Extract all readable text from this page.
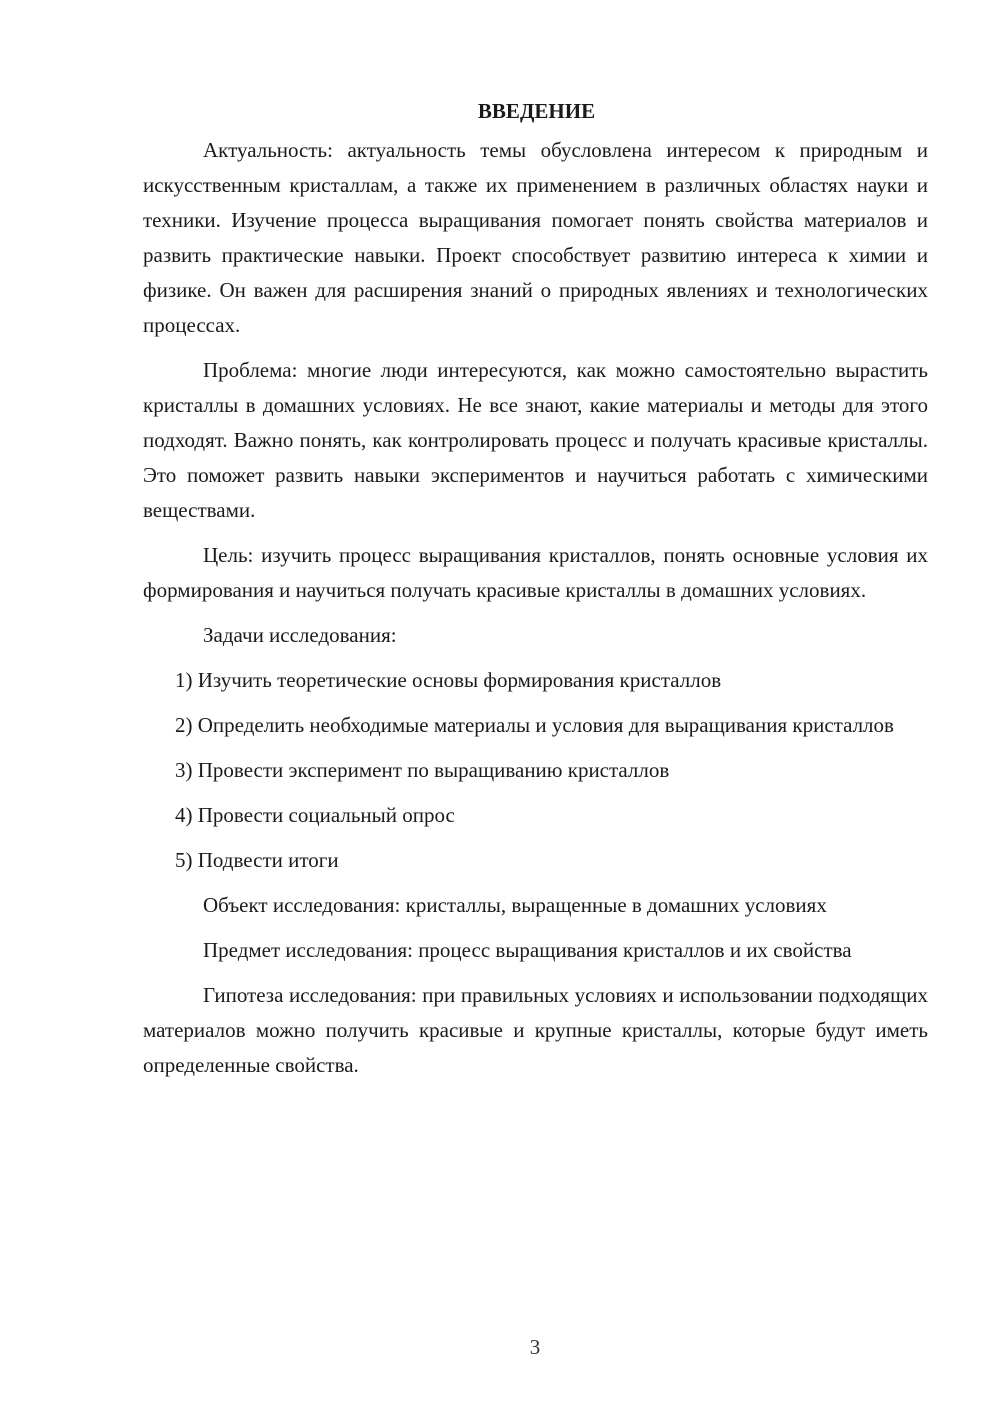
ВВЕДЕНИЕ

Актуальность: актуальность темы обусловлена интересом к природным и искусственным кристаллам, а также их применением в различных областях науки и техники. Изучение процесса выращивания помогает понять свойства материалов и развить практические навыки. Проект способствует развитию интереса к химии и физике. Он важен для расширения знаний о природных явлениях и технологических процессах.

Проблема: многие люди интересуются, как можно самостоятельно вырастить кристаллы в домашних условиях. Не все знают, какие материалы и методы для этого подходят. Важно понять, как контролировать процесс и получать красивые кристаллы. Это поможет развить навыки экспериментов и научиться работать с химическими веществами.

Цель: изучить процесс выращивания кристаллов, понять основные условия их формирования и научиться получать красивые кристаллы в домашних условиях.

Задачи исследования:

1) Изучить теоретические основы формирования кристаллов

2) Определить необходимые материалы и условия для выращивания кристаллов

3) Провести эксперимент по выращиванию кристаллов

4) Провести социальный опрос

5) Подвести итоги

Объект исследования: кристаллы, выращенные в домашних условиях

Предмет исследования: процесс выращивания кристаллов и их свойства

Гипотеза исследования: при правильных условиях и использовании подходящих материалов можно получить красивые и крупные кристаллы, которые будут иметь определенные свойства.

3
